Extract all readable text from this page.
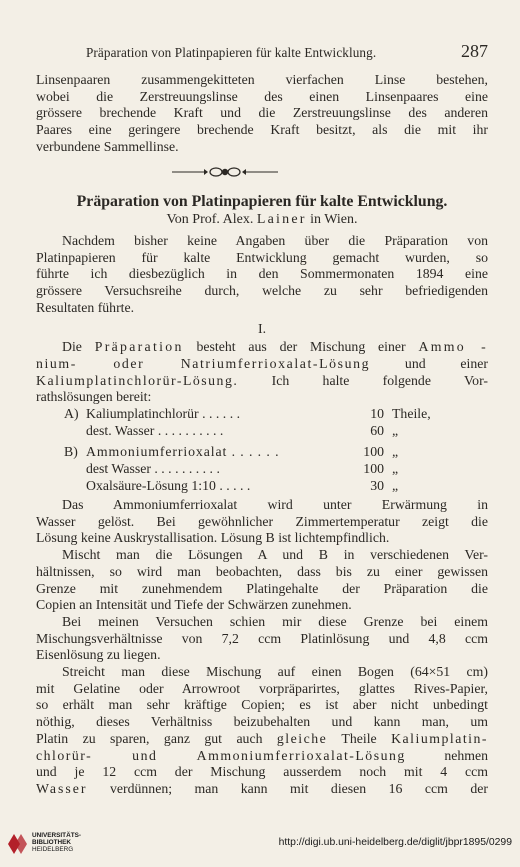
Präparation von Platinpapieren für kalte Entwicklung.	287
Linsenpaaren zusammengekitteten vierfachen Linse bestehen,
wobei die Zerstreuungslinse des einen Linsenpaares eine
grössere brechende Kraft und die Zerstreuungslinse des anderen
Paares eine geringere brechende Kraft besitzt, als die mit ihr
verbundene Sammellinse.
Präparation von Platinpapieren für kalte Entwicklung.
Von Prof. Alex. Lainer in Wien.
Nachdem bisher keine Angaben über die Präparation von
Platinpapieren für kalte Entwicklung gemacht wurden, so
führte ich diesbezüglich in den Sommermonaten 1894 eine
grössere Versuchsreihe durch, welche zu sehr befriedigenden
Resultaten führte.
I.
Die Präparation besteht aus der Mischung einer Ammo -
nium- oder Natriumferrioxalat-Lösung	und einer
Kaliumplatinchlorür-Lösung. Ich halte folgende Vor-
rathslösungen bereit:
A) Kaliumplatinchlorür . . . . . .	10 Theile,
dest. Wasser . . . . . . . . . .	60 „
B) Ammoniumferrioxalat . . . . . .	100 „
dest Wasser . . . . . . . . . .	100 „
Oxalsäure-Lösung 1:10 . . . . .	30 „
Das Ammoniumferrioxalat wird unter Erwärmung in
Wasser gelöst. Bei gewöhnlicher Zimmertemperatur zeigt die
Lösung keine Auskrystallisation. Lösung B ist lichtempfindlich.
Mischt man die Lösungen A und B in verschiedenen Ver-
hältnissen, so wird man beobachten, dass bis zu einer gewissen
Grenze mit zunehmendem Platingehalte der Präparation die
Copien an Intensität und Tiefe der Schwärzen zunehmen.
Bei meinen Versuchen schien mir diese Grenze bei einem
Mischungsverhältnisse von 7,2 ccm Platinlösung und 4,8 ccm
Eisenlösung zu liegen.
Streicht man diese Mischung auf einen Bogen (64×51 cm)
mit Gelatine oder Arrowroot vorpräparirtes, glattes Rives-Papier,
so erhält man sehr kräftige Copien; es ist aber nicht unbedingt
nöthig, dieses Verhältniss beizubehalten und kann man, um
Platin zu sparen, ganz gut auch gleiche Theile Kaliumplatin-
chlorür- und Ammoniumferrioxalat-Lösung	nehmen
und je 12 ccm der Mischung ausserdem noch mit 4 ccm
Wasser verdünnen; man kann mit diesen 16 ccm der
UNIVERSITÄTS-
BIBLIOTHEK
HEIDELBERG
http://digi.ub.uni-heidelberg.de/diglit/jbpr1895/0299
